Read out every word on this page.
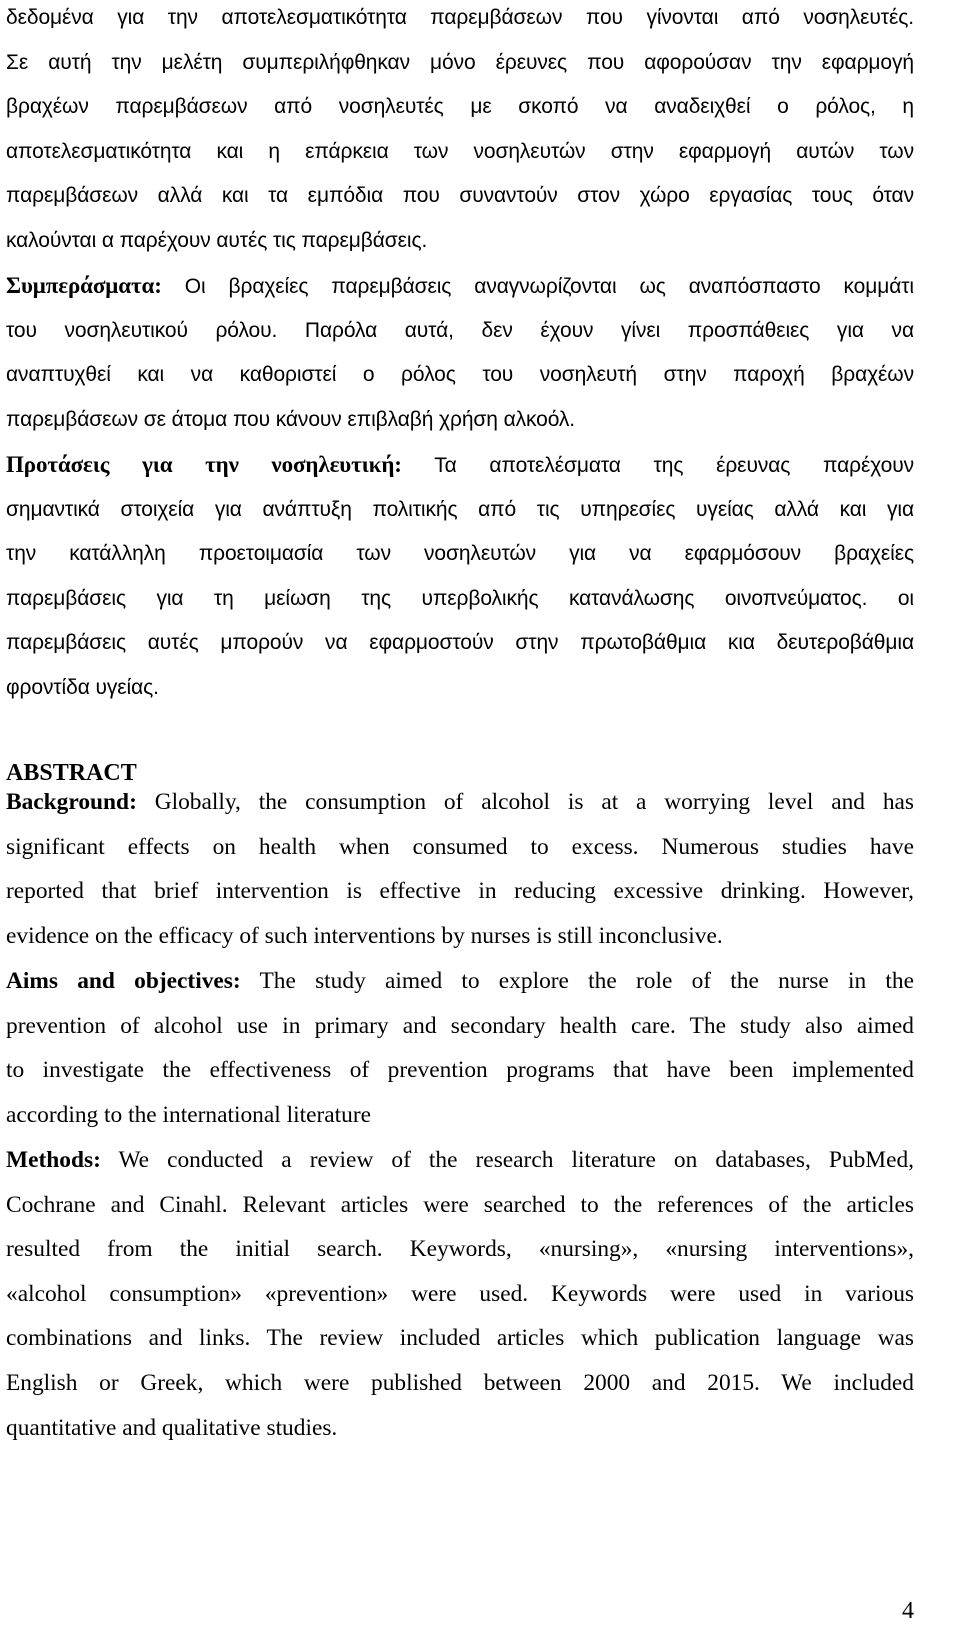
δεδομένα για την αποτελεσματικότητα παρεμβάσεων που γίνονται από νοσηλευτές.
Σε αυτή την μελέτη συμπεριλήφθηκαν μόνο έρευνες που αφορούσαν την εφαρμογή
βραχέων παρεμβάσεων από νοσηλευτές με σκοπό να αναδειχθεί ο ρόλος, η
αποτελεσματικότητα και η επάρκεια των νοσηλευτών στην εφαρμογή αυτών των
παρεμβάσεων αλλά και τα εμπόδια που συναντούν στον χώρο εργασίας τους όταν
καλούνται α παρέχουν αυτές τις παρεμβάσεις.
Συμπεράσματα: Οι βραχείες παρεμβάσεις αναγνωρίζονται ως αναπόσπαστο κομμάτι
του νοσηλευτικού ρόλου. Παρόλα αυτά, δεν έχουν γίνει προσπάθειες για να
αναπτυχθεί και να καθοριστεί ο ρόλος του νοσηλευτή στην παροχή βραχέων
παρεμβάσεων σε άτομα που κάνουν επιβλαβή χρήση αλκοόλ.
Προτάσεις για την νοσηλευτική: Τα αποτελέσματα της έρευνας παρέχουν
σημαντικά στοιχεία για ανάπτυξη πολιτικής από τις υπηρεσίες υγείας αλλά και για
την κατάλληλη προετοιμασία των νοσηλευτών για να εφαρμόσουν βραχείες
παρεμβάσεις για τη μείωση της υπερβολικής κατανάλωσης οινοπνεύματος. οι
παρεμβάσεις αυτές μπορούν να εφαρμοστούν στην πρωτοβάθμια κια δευτεροβάθμια
φροντίδα υγείας.
ABSTRACT
Background: Globally, the consumption of alcohol is at a worrying level and has
significant effects on health when consumed to excess. Numerous studies have
reported that brief intervention is effective in reducing excessive drinking. However,
evidence on the efficacy of such interventions by nurses is still inconclusive.
Aims and objectives: The study aimed to explore the role of the nurse in the
prevention of alcohol use in primary and secondary health care. The study also aimed
to investigate the effectiveness of prevention programs that have been implemented
according to the international literature
Methods: We conducted a review of the research literature on databases, PubMed,
Cochrane and Cinahl. Relevant articles were searched to the references of the articles
resulted from the initial search. Keywords, «nursing», «nursing interventions»,
«alcohol consumption» «prevention» were used. Keywords were used in various
combinations and links. The review included articles which publication language was
English or Greek, which were published between 2000 and 2015. We included
quantitative and qualitative studies.
4
